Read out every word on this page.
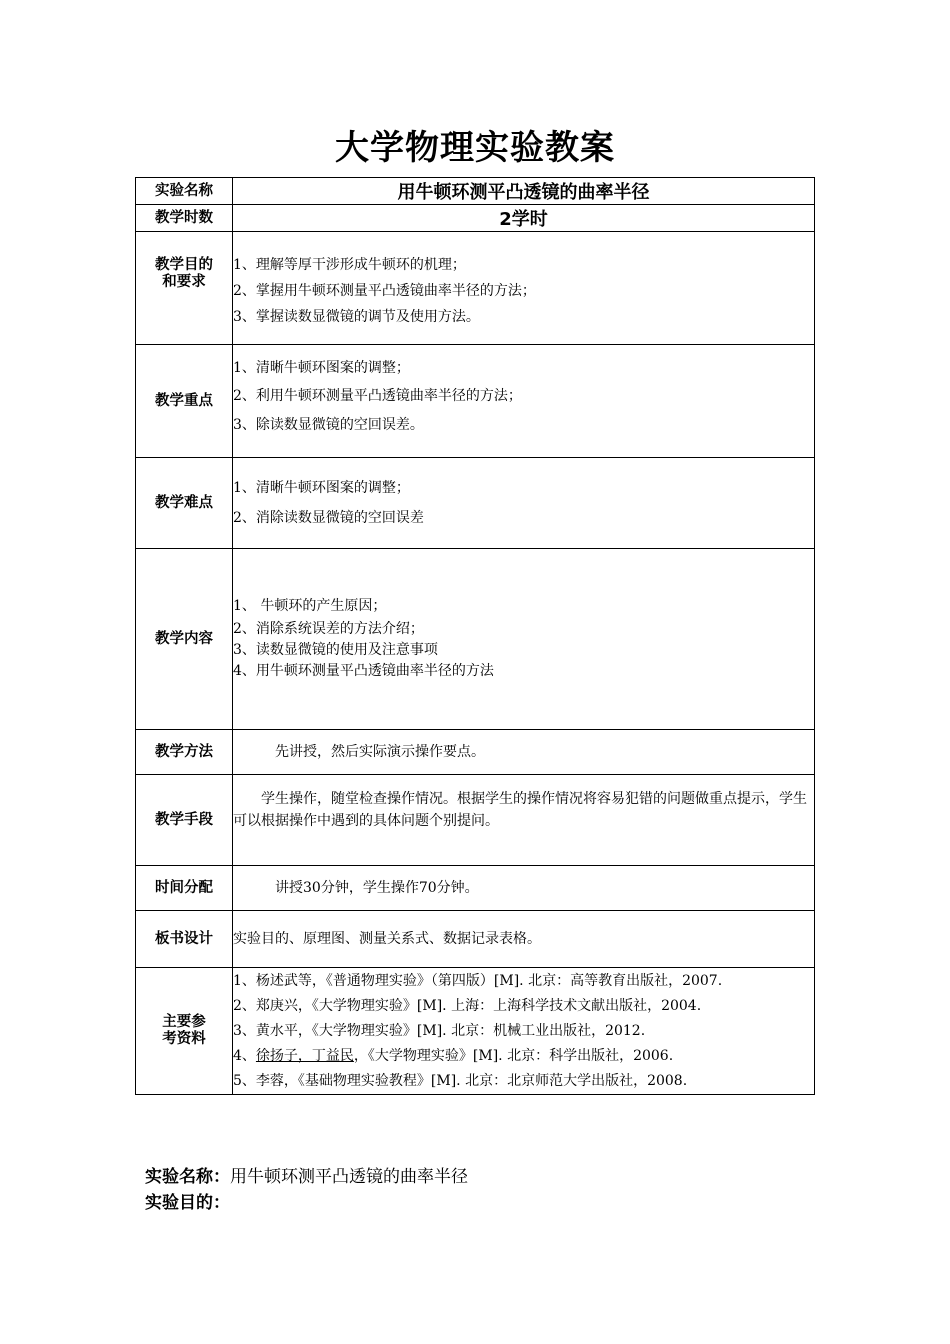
大学物理实验教案
实验名称	用牛顿环测平凸透镜的曲率半径
教学时数	2学时
教学目的
和要求	1、理解等厚干涉形成牛顿环的机理；
2、掌握用牛顿环测量平凸透镜曲率半径的方法；
3、掌握读数显微镜的调节及使用方法。

教学重点	1、清晰牛顿环图案的调整；
2、利用牛顿环测量平凸透镜曲率半径的方法；
3、除读数显微镜的空回误差。

教学难点	1、清晰牛顿环图案的调整；
2、消除读数显微镜的空回误差

教学内容	1、 牛顿环的产生原因；
2、消除系统误差的方法介绍；
3、读数显微镜的使用及注意事项
4、用牛顿环测量平凸透镜曲率半径的方法

教学方法	先讲授，然后实际演示操作要点。

教学手段	学生操作，随堂检查操作情况。根据学生的操作情况将容易犯错的问题做重点提示，学生可以根据操作中遇到的具体问题个别提问。

时间分配	讲授30分钟，学生操作70分钟。

板书设计	实验目的、原理图、测量关系式、数据记录表格。

主要参
考资料	1、杨述武等，《普通物理实验》（第四版）[M]. 北京：高等教育出版社，2007.
2、郑庚兴，《大学物理实验》[M]. 上海：上海科学技术文献出版社，2004.
3、黄水平，《大学物理实验》[M]. 北京：机械工业出版社，2012.
4、徐扬子，丁益民，《大学物理实验》[M]. 北京：科学出版社，2006.
5、李蓉，《基础物理实验教程》[M]. 北京：北京师范大学出版社，2008.
实验名称：用牛顿环测平凸透镜的曲率半径
实验目的：
